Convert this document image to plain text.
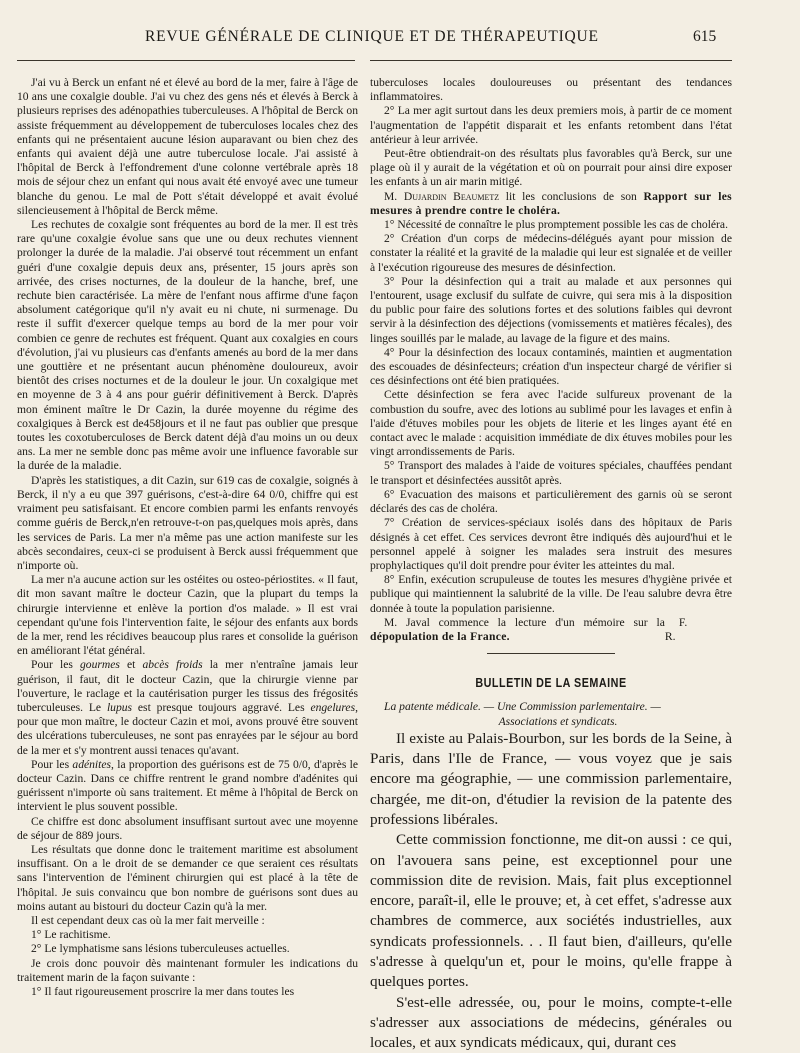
REVUE GÉNÉRALE DE CLINIQUE ET DE THÉRAPEUTIQUE	615

J'ai vu à Berck un enfant né et élevé au bord de la mer, faire à l'âge de 10 ans une coxalgie double. J'ai vu chez des gens nés et élevés à Berck à plusieurs reprises des adénopathies tuberculeuses. A l'hôpital de Berck on assiste fréquemment au développement de tuberculoses locales chez des enfants qui ne présentaient aucune lésion auparavant ou bien chez des enfants qui avaient déjà une autre tuberculose locale. J'ai assisté à l'hôpital de Berck à l'effondrement d'une colonne vertébrale après 18 mois de séjour chez un enfant qui nous avait été envoyé avec une tumeur blanche du genou. Le mal de Pott s'était développé et avait évolué silencieusement à l'hôpital de Berck même.

Les rechutes de coxalgie sont fréquentes au bord de la mer. Il est très rare qu'une coxalgie évolue sans que une ou deux rechutes viennent prolonger la durée de la maladie. J'ai observé tout récemment un enfant guéri d'une coxalgie depuis deux ans, présenter, 15 jours après son arrivée, des crises nocturnes, de la douleur de la hanche, bref, une rechute bien caractérisée. La mère de l'enfant nous affirme d'une façon absolument catégorique qu'il n'y avait eu ni chute, ni surmenage. Du reste il suffit d'exercer quelque temps au bord de la mer pour voir combien ce genre de rechutes est fréquent. Quant aux coxalgies en cours d'évolution, j'ai vu plusieurs cas d'enfants amenés au bord de la mer dans une gouttière et ne présentant aucun phénomène douloureux, avoir bientôt des crises nocturnes et de la douleur le jour. Un coxalgique met en moyenne de 3 à 4 ans pour guérir définitivement à Berck. D'après mon éminent maître le Dr Cazin, la durée moyenne du régime des coxalgiques à Berck est de458jours et il ne faut pas oublier que presque toutes les coxotuberculoses de Berck datent déjà d'au moins un ou deux ans. La mer ne semble donc pas même avoir une influence favorable sur la durée de la maladie.

D'après les statistiques, a dit Cazin, sur 619 cas de coxalgie, soignés à Berck, il n'y a eu que 397 guérisons, c'est-à-dire 64 0/0, chiffre qui est vraiment peu satisfaisant. Et encore combien parmi les enfants renvoyés comme guéris de Berck,n'en retrouve-t-on pas,quelques mois après, dans les services de Paris. La mer n'a même pas une action manifeste sur les abcès secondaires, ceux-ci se produisent à Berck aussi fréquemment que n'importe où.

La mer n'a aucune action sur les ostéites ou osteo-périostites. « Il faut, dit mon savant maître le docteur Cazin, que la plupart du temps la chirurgie intervienne et enlève la portion d'os malade. » Il est vrai cependant qu'une fois l'intervention faite, le séjour des enfants aux bords de la mer, rend les récidives beaucoup plus rares et consolide la guérison en améliorant l'état général.

Pour les gourmes et abcès froids la mer n'entraîne jamais leur guérison, il faut, dit le docteur Cazin, que la chirurgie vienne par l'ouverture, le raclage et la cautérisation purger les tissus des frégosités tuberculeuses. Le lupus est presque toujours aggravé. Les engelures, pour que mon maître, le docteur Cazin et moi, avons prouvé être souvent des ulcérations tuberculeuses, ne sont pas enrayées par le séjour au bord de la mer et s'y montrent aussi tenaces qu'avant.

Pour les adénites, la proportion des guérisons est de 75 0/0, d'après le docteur Cazin. Dans ce chiffre rentrent le grand nombre d'adénites qui guérissent n'importe où sans traitement. Et même à l'hôpital de Berck on intervient le plus souvent possible.

Ce chiffre est donc absolument insuffisant surtout avec une moyenne de séjour de 889 jours.

Les résultats que donne donc le traitement maritime est absolument insuffisant. On a le droit de se demander ce que seraient ces résultats sans l'intervention de l'éminent chirurgien qui est placé à la tête de l'hôpital. Je suis convaincu que bon nombre de guérisons sont dues au moins autant au bistouri du docteur Cazin qu'à la mer.

Il est cependant deux cas où la mer fait merveille :

1° Le rachitisme.

2° Le lymphatisme sans lésions tuberculeuses actuelles.

Je crois donc pouvoir dès maintenant formuler les indications du traitement marin de la façon suivante :

1° Il faut rigoureusement proscrire la mer dans toutes les

tuberculoses locales douloureuses ou présentant des tendances inflammatoires.

2° La mer agit surtout dans les deux premiers mois, à partir de ce moment l'augmentation de l'appétit disparait et les enfants retombent dans l'état antérieur à leur arrivée.

Peut-être obtiendrait-on des résultats plus favorables qu'à Berck, sur une plage où il y aurait de la végétation et où on pourrait pour ainsi dire exposer les enfants à un air marin mitigé.

M. Dujardin Beaumetz lit les conclusions de son Rapport sur les mesures à prendre contre le choléra.

1° Nécessité de connaître le plus promptement possible les cas de choléra.

2° Création d'un corps de médecins-délégués ayant pour mission de constater la réalité et la gravité de la maladie qui leur est signalée et de veiller à l'exécution rigoureuse des mesures de désinfection.

3° Pour la désinfection qui a trait au malade et aux personnes qui l'entourent, usage exclusif du sulfate de cuivre, qui sera mis à la disposition du public pour faire des solutions fortes et des solutions faibles qui devront servir à la désinfection des déjections (vomissements et matières fécales), des linges souillés par le malade, au lavage de la figure et des mains.

4° Pour la désinfection des locaux contaminés, maintien et augmentation des escouades de désinfecteurs; création d'un inspecteur chargé de vérifier si ces désinfections ont été bien pratiquées.

Cette désinfection se fera avec l'acide sulfureux provenant de la combustion du soufre, avec des lotions au sublimé pour les lavages et enfin à l'aide d'étuves mobiles pour les objets de literie et les linges ayant été en contact avec le malade : acquisition immédiate de dix étuves mobiles pour les vingt arrondissements de Paris.

5° Transport des malades à l'aide de voitures spéciales, chauffées pendant le transport et désinfectées aussitôt après.

6° Evacuation des maisons et particulièrement des garnis où se seront déclarés des cas de choléra.

7° Création de services-spéciaux isolés dans des hôpitaux de Paris désignés à cet effet. Ces services devront être indiqués dès aujourd'hui et le personnel appelé à soigner les malades sera instruit des mesures prophylactiques qu'il doit prendre pour éviter les atteintes du mal.

8° Enfin, exécution scrupuleuse de toutes les mesures d'hygiène privée et publique qui maintiennent la salubrité de la ville. De l'eau salubre devra être donnée à toute la population parisienne.

M. Javal commence la lecture d'un mémoire sur la dépopulation de la France.
F. R.

BULLETIN DE LA SEMAINE

La patente médicale. — Une Commission parlementaire. —

Associations et syndicats.

Il existe au Palais-Bourbon, sur les bords de la Seine, à Paris, dans l'Ile de France, — vous voyez que je sais encore ma géographie, — une commission parlementaire, chargée, me dit-on, d'étudier la revision de la patente des professions libérales.

Cette commission fonctionne, me dit-on aussi : ce qui, on l'avouera sans peine, est exceptionnel pour une commission dite de revision. Mais, fait plus exceptionnel encore, paraît-il, elle le prouve; et, à cet effet, s'adresse aux chambres de commerce, aux sociétés industrielles, aux syndicats professionnels. . . Il faut bien, d'ailleurs, qu'elle s'adresse à quelqu'un et, pour le moins, qu'elle frappe à quelques portes.

S'est-elle adressée, ou, pour le moins, compte-t-elle s'adresser aux associations de médecins, générales ou locales, et aux syndicats médicaux, qui, durant ces
